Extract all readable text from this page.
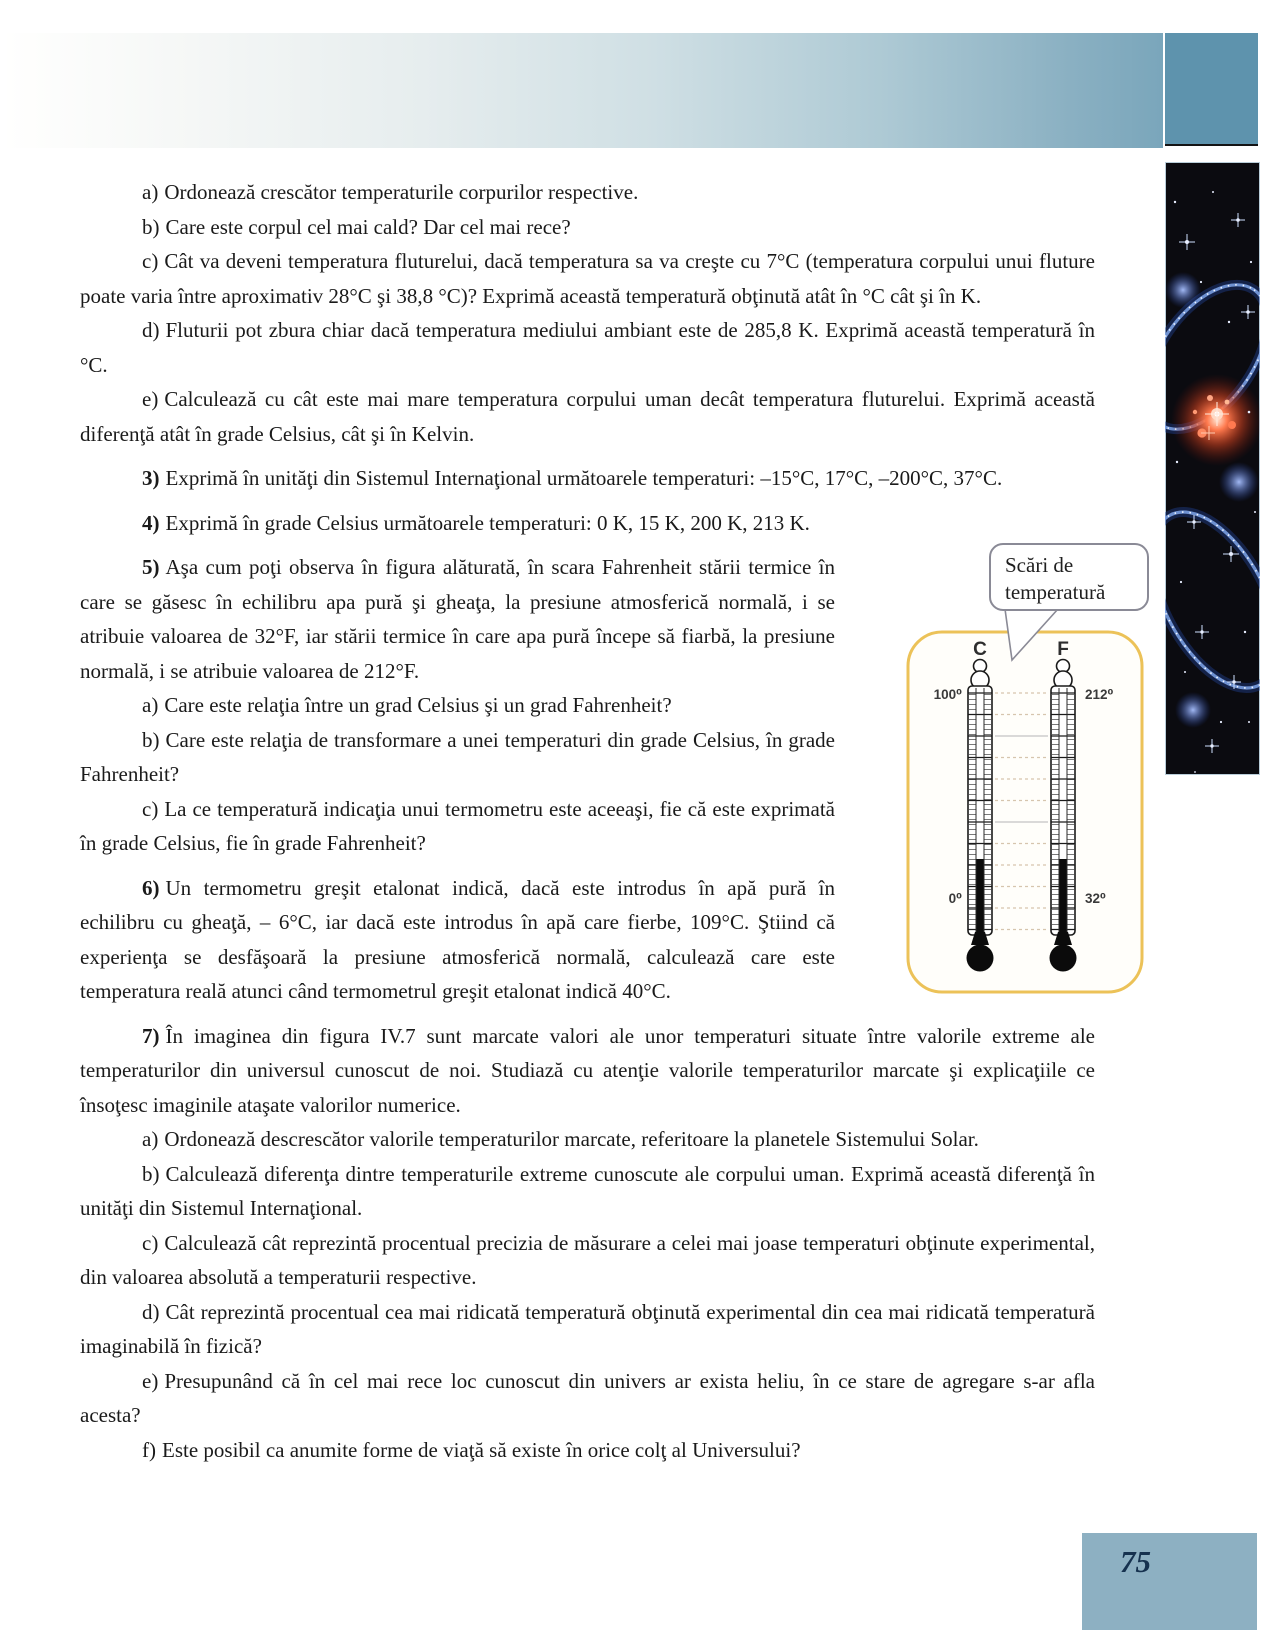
a) Ordonează crescător temperaturile corpurilor respective.

b) Care este corpul cel mai cald? Dar cel mai rece?

c) Cât va deveni temperatura fluturelui, dacă temperatura sa va creşte cu 7°C (temperatura corpului unui fluture poate varia între aproximativ 28°C şi 38,8 °C)? Exprimă această temperatură obţinută atât în °C cât şi în K.

d) Fluturii pot zbura chiar dacă temperatura mediului ambiant este de 285,8 K. Exprimă această temperatură în °C.

e) Calculează cu cât este mai mare temperatura corpului uman decât temperatura fluturelui. Exprimă această diferenţă atât în grade Celsius, cât şi în Kelvin.

3) Exprimă în unităţi din Sistemul Internaţional următoarele temperaturi: –15°C, 17°C, –200°C, 37°C.

4) Exprimă în grade Celsius următoarele temperaturi: 0 K, 15 K, 200 K, 213 K.

Scări de
temperatură
C	F
100⁰	212⁰
0⁰	32⁰

5) Aşa cum poţi observa în figura alăturată, în scara Fahrenheit stării termice în care se găsesc în echilibru apa pură şi gheaţa, la presiune atmosferică normală, i se atribuie valoarea de 32°F, iar stării termice în care apa pură începe să fiarbă, la presiune normală, i se atribuie valoarea de 212°F.

a) Care este relaţia între un grad Celsius şi un grad Fahrenheit?

b) Care este relaţia de transformare a unei temperaturi din grade Celsius, în grade Fahrenheit?

c) La ce temperatură indicaţia unui termometru este aceeaşi, fie că este exprimată în grade Celsius, fie în grade Fahrenheit?

6) Un termometru greşit etalonat indică, dacă este introdus în apă pură în echilibru cu gheaţă, – 6°C, iar dacă este introdus în apă care fierbe, 109°C. Ştiind că experienţa se desfăşoară la presiune atmosferică normală, calculează care este temperatura reală atunci când termometrul greşit etalonat indică 40°C.

7) În imaginea din figura IV.7 sunt marcate valori ale unor temperaturi situate între valorile extreme ale temperaturilor din universul cunoscut de noi. Studiază cu atenţie valorile temperaturilor marcate şi explicaţiile ce însoţesc imaginile ataşate valorilor numerice.

a) Ordonează descrescător valorile temperaturilor marcate, referitoare la planetele Sistemului Solar.

b) Calculează diferenţa dintre temperaturile extreme cunoscute ale corpului uman. Exprimă această diferenţă în unităţi din Sistemul Internaţional.

c) Calculează cât reprezintă procentual precizia de măsurare a celei mai joase temperaturi obţinute experimental, din valoarea absolută a temperaturii respective.

d) Cât reprezintă procentual cea mai ridicată temperatură obţinută experimental din cea mai ridicată temperatură imaginabilă în fizică?

e) Presupunând că în cel mai rece loc cunoscut din univers ar exista heliu, în ce stare de agregare s-ar afla acesta?

f) Este posibil ca anumite forme de viaţă să existe în orice colţ al Universului?

75
